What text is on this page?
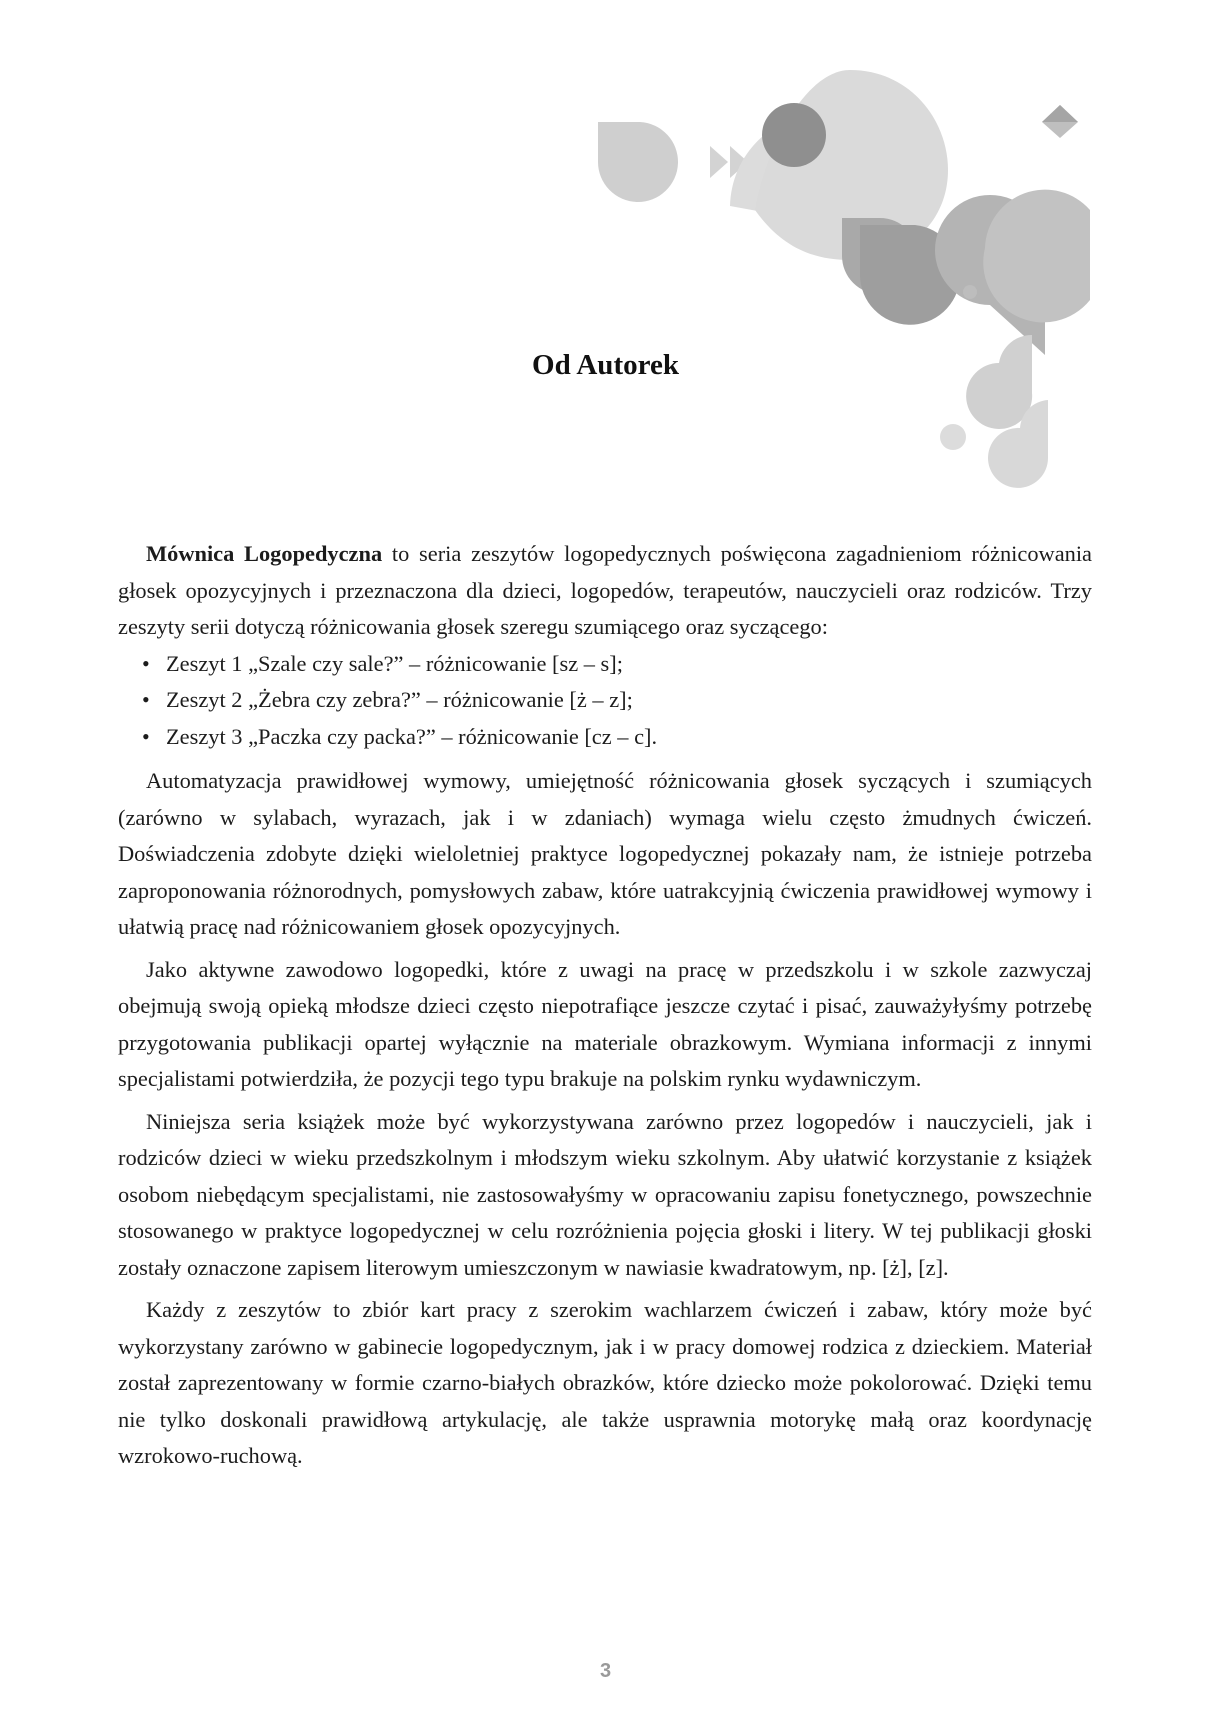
Od Autorek

Mównica Logopedyczna to seria zeszytów logopedycznych poświęcona zagadnieniom różnicowania głosek opozycyjnych i przeznaczona dla dzieci, logopedów, terapeutów, nauczycieli oraz rodziców. Trzy zeszyty serii dotyczą różnicowania głosek szeregu szumiącego oraz syczącego:

• Zeszyt 1 „Szale czy sale?” – różnicowanie [sz – s];
• Zeszyt 2 „Żebra czy zebra?” – różnicowanie [ż – z];
• Zeszyt 3 „Paczka czy packa?” – różnicowanie [cz – c].

Automatyzacja prawidłowej wymowy, umiejętność różnicowania głosek syczących i szumiących (zarówno w sylabach, wyrazach, jak i w zdaniach) wymaga wielu często żmudnych ćwiczeń. Doświadczenia zdobyte dzięki wieloletniej praktyce logopedycznej pokazały nam, że istnieje potrzeba zaproponowania różnorodnych, pomysłowych zabaw, które uatrakcyjnią ćwiczenia prawidłowej wymowy i ułatwią pracę nad różnicowaniem głosek opozycyjnych.

Jako aktywne zawodowo logopedki, które z uwagi na pracę w przedszkolu i w szkole zazwyczaj obejmują swoją opieką młodsze dzieci często niepotrafiące jeszcze czytać i pisać, zauważyłyśmy potrzebę przygotowania publikacji opartej wyłącznie na materiale obrazkowym. Wymiana informacji z innymi specjalistami potwierdziła, że pozycji tego typu brakuje na polskim rynku wydawniczym.

Niniejsza seria książek może być wykorzystywana zarówno przez logopedów i nauczycieli, jak i rodziców dzieci w wieku przedszkolnym i młodszym wieku szkolnym. Aby ułatwić korzystanie z książek osobom niebędącym specjalistami, nie zastosowałyśmy w opracowaniu zapisu fonetycznego, powszechnie stosowanego w praktyce logopedycznej w celu rozróżnienia pojęcia głoski i litery. W tej publikacji głoski zostały oznaczone zapisem literowym umieszczonym w nawiasie kwadratowym, np. [ż], [z].

Każdy z zeszytów to zbiór kart pracy z szerokim wachlarzem ćwiczeń i zabaw, który może być wykorzystany zarówno w gabinecie logopedycznym, jak i w pracy domowej rodzica z dzieckiem. Materiał został zaprezentowany w formie czarno-białych obrazków, które dziecko może pokolorować. Dzięki temu nie tylko doskonali prawidłową artykulację, ale także usprawnia motorykę małą oraz koordynację wzrokowo-ruchową.

3
